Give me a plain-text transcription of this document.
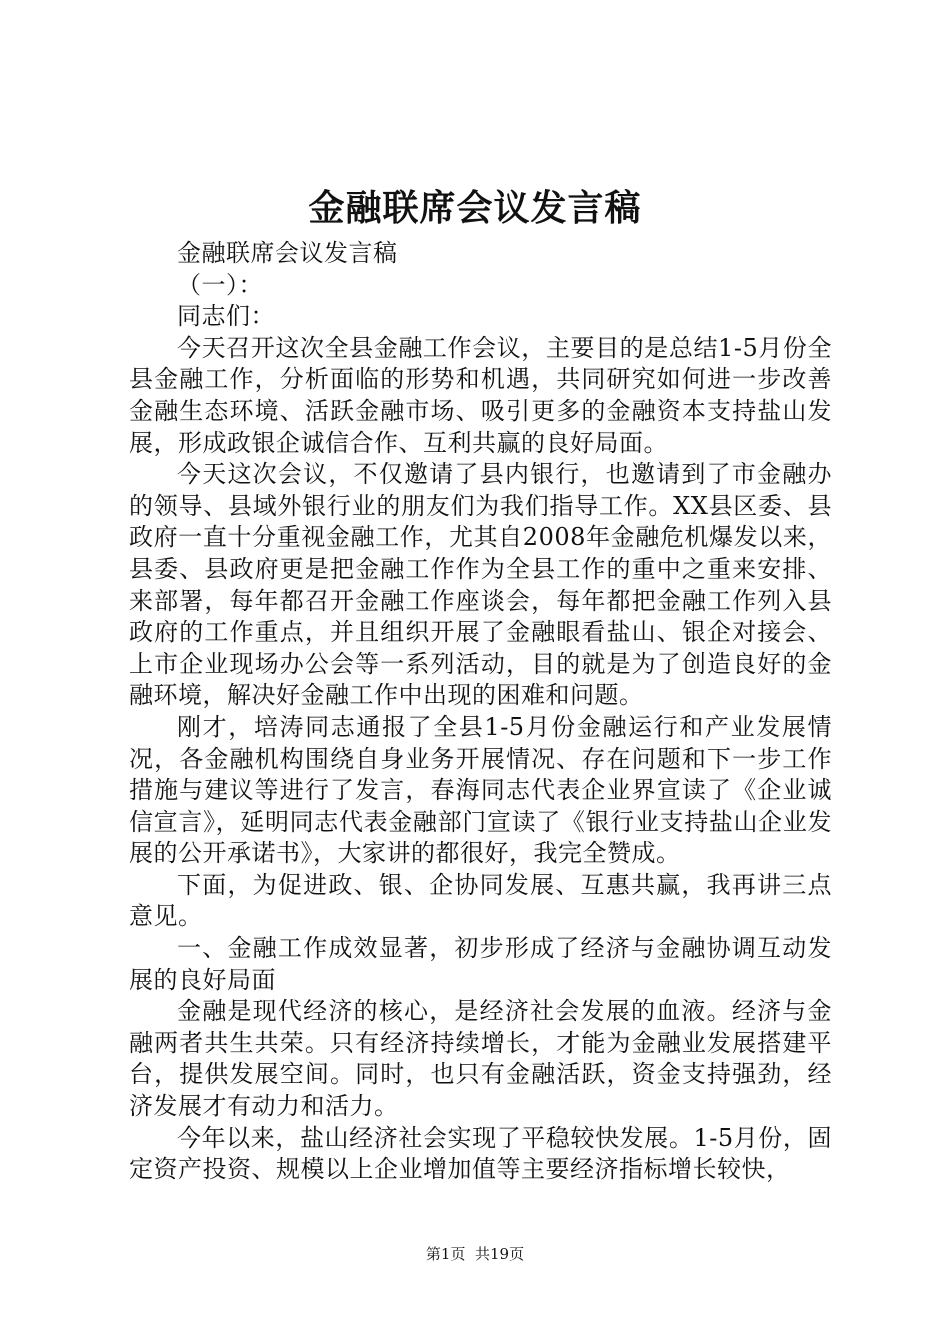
金融联席会议发言稿

金融联席会议发言稿

（一）：

同志们：

今天召开这次全县金融工作会议，主要目的是总结1-5月份全县金融工作，分析面临的形势和机遇，共同研究如何进一步改善金融生态环境、活跃金融市场、吸引更多的金融资本支持盐山发展，形成政银企诚信合作、互利共赢的良好局面。

今天这次会议，不仅邀请了县内银行，也邀请到了市金融办的领导、县域外银行业的朋友们为我们指导工作。XX县区委、县政府一直十分重视金融工作，尤其自2008年金融危机爆发以来，县委、县政府更是把金融工作作为全县工作的重中之重来安排、来部署，每年都召开金融工作座谈会，每年都把金融工作列入县政府的工作重点，并且组织开展了金融眼看盐山、银企对接会、上市企业现场办公会等一系列活动，目的就是为了创造良好的金融环境，解决好金融工作中出现的困难和问题。

刚才，培涛同志通报了全县1-5月份金融运行和产业发展情况，各金融机构围绕自身业务开展情况、存在问题和下一步工作措施与建议等进行了发言，春海同志代表企业界宣读了《企业诚信宣言》，延明同志代表金融部门宣读了《银行业支持盐山企业发展的公开承诺书》，大家讲的都很好，我完全赞成。

下面，为促进政、银、企协同发展、互惠共赢，我再讲三点意见。

一、金融工作成效显著，初步形成了经济与金融协调互动发展的良好局面

金融是现代经济的核心，是经济社会发展的血液。经济与金融两者共生共荣。只有经济持续增长，才能为金融业发展搭建平台，提供发展空间。同时，也只有金融活跃，资金支持强劲，经济发展才有动力和活力。

今年以来，盐山经济社会实现了平稳较快发展。1-5月份，固定资产投资、规模以上企业增加值等主要经济指标增长较快，

第1页 共19页
